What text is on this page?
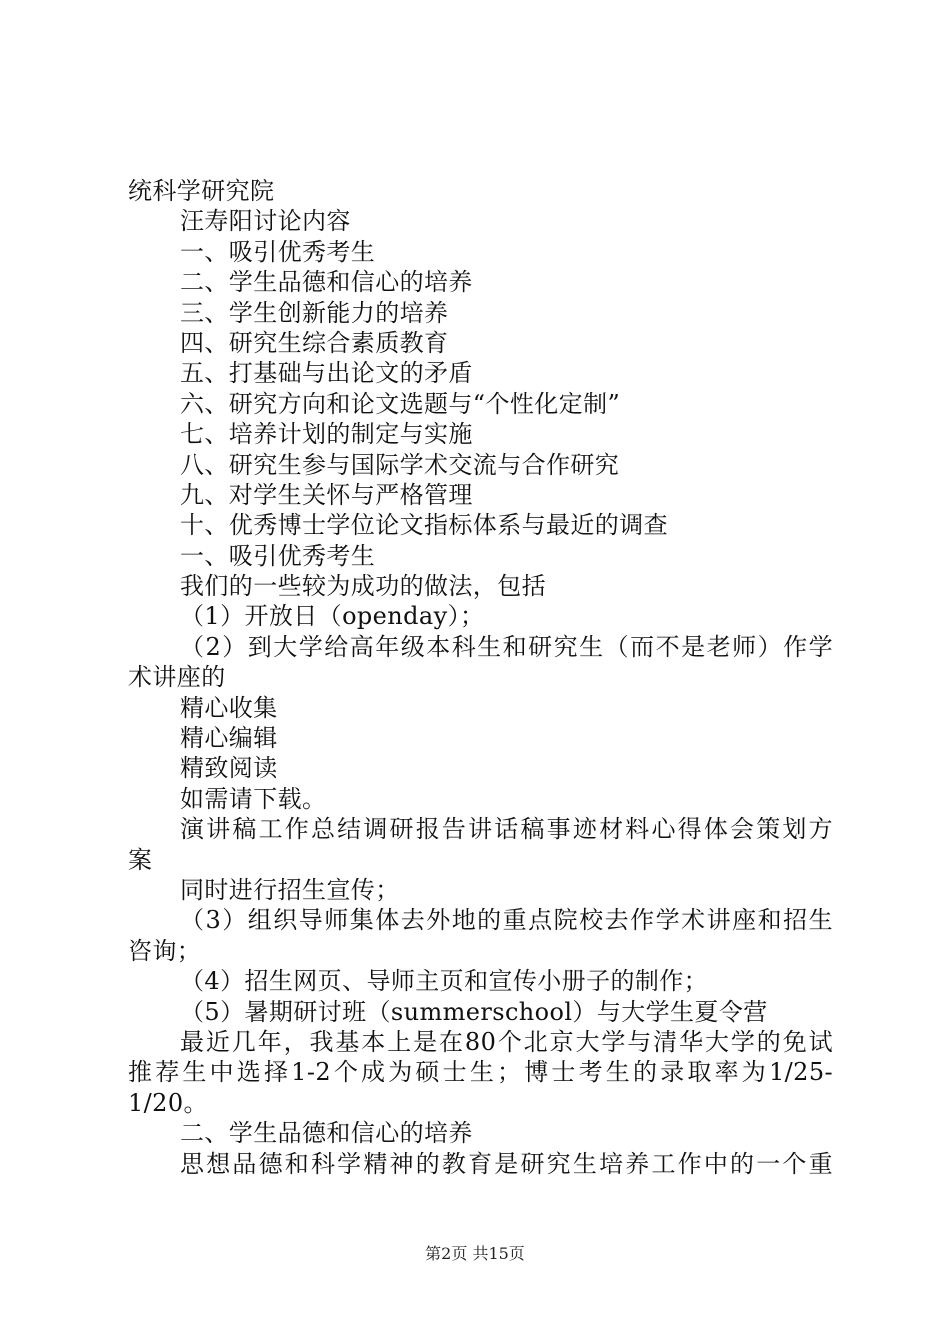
统科学研究院
汪寿阳讨论内容
一、吸引优秀考生
二、学生品德和信心的培养
三、学生创新能力的培养
四、研究生综合素质教育
五、打基础与出论文的矛盾
六、研究方向和论文选题与“个性化定制”
七、培养计划的制定与实施
八、研究生参与国际学术交流与合作研究
九、对学生关怀与严格管理
十、优秀博士学位论文指标体系与最近的调查
一、吸引优秀考生
我们的一些较为成功的做法，包括
（1）开放日（openday）；
（2）到大学给高年级本科生和研究生（而不是老师）作学
术讲座的
精心收集
精心编辑
精致阅读
如需请下载。
演讲稿工作总结调研报告讲话稿事迹材料心得体会策划方
案
同时进行招生宣传；
（3）组织导师集体去外地的重点院校去作学术讲座和招生
咨询；
（4）招生网页、导师主页和宣传小册子的制作；
（5）暑期研讨班（summerschool）与大学生夏令营
最近几年，我基本上是在80个北京大学与清华大学的免试
推荐生中选择1-2个成为硕士生；博士考生的录取率为1/25-
1/20。
二、学生品德和信心的培养
思想品德和科学精神的教育是研究生培养工作中的一个重
第2页 共15页
